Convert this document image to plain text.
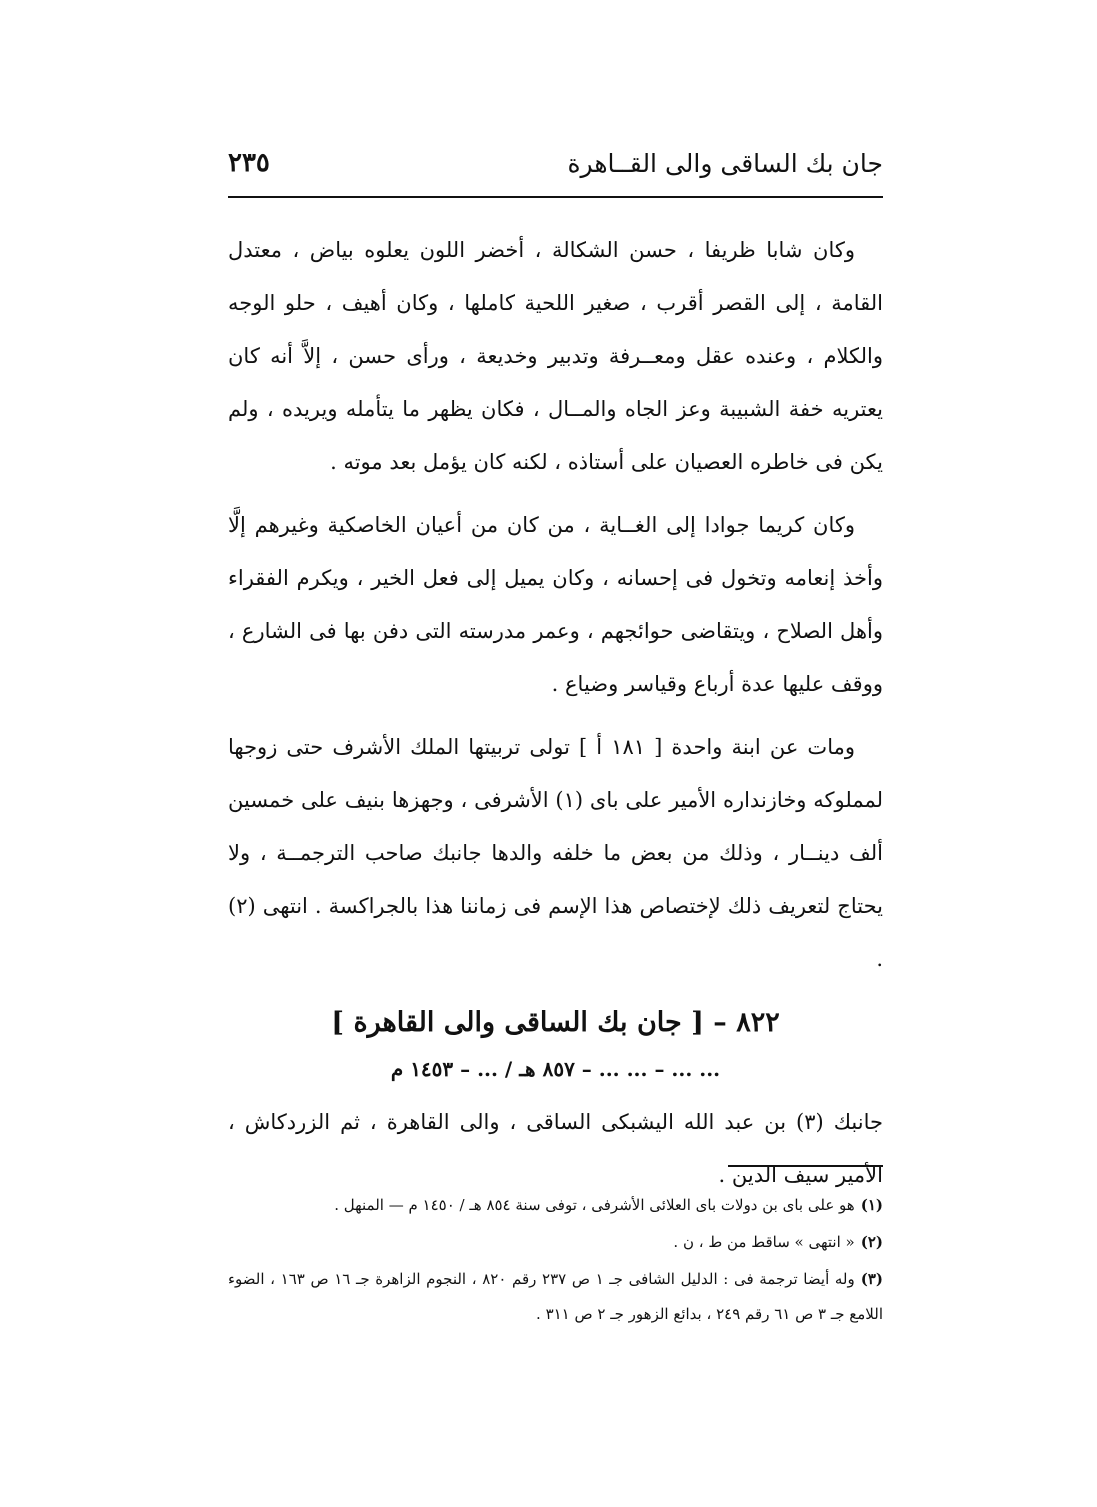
جان بك الساقى والى القــاهرة
٢٣٥

وكان شابا ظريفا ، حسن الشكالة ، أخضر اللون يعلوه بياض ، معتدل القامة ، إلى القصر أقرب ، صغير اللحية كاملها ، وكان أهيف ، حلو الوجه والكلام ، وعنده عقل ومعــرفة وتدبير وخديعة ، ورأى حسن ، إلاَّ أنه كان يعتريه خفة الشبيبة وعز الجاه والمــال ، فكان يظهر ما يتأمله ويريده ، ولم يكن فى خاطره العصيان على أستاذه ، لكنه كان يؤمل بعد موته .

وكان كريما جوادا إلى الغــاية ، من كان من أعيان الخاصكية وغيرهم إلَّا وأخذ إنعامه وتخول فى إحسانه ، وكان يميل إلى فعل الخير ، ويكرم الفقراء وأهل الصلاح ، ويتقاضى حوائجهم ، وعمر مدرسته التى دفن بها فى الشارع ، ووقف عليها عدة أرباع وقياسر وضياع .

ومات عن ابنة واحدة [ ١٨١ أ ] تولى تربيتها الملك الأشرف حتى زوجها لمملوكه وخازنداره الأمير على باى (١) الأشرفى ، وجهزها بنيف على خمسين ألف دينــار ، وذلك من بعض ما خلفه والدها جانبك صاحب الترجمــة ، ولا يحتاج لتعريف ذلك لإختصاص هذا الإسم فى زماننا هذا بالجراكسة . انتهى (٢) .

٨٢٢ – [ جان بك الساقى والى القاهرة ]
... ... – ... ... – ٨٥٧ هـ / ... – ١٤٥٣ م

جانبك (٣) بن عبد الله اليشبكى الساقى ، والى القاهرة ، ثم الزردكاش ، الأمير سيف الدين .

(١)هو على باى بن دولات باى العلائى الأشرفى ، توفى سنة ٨٥٤ هـ / ١٤٥٠ م — المنهل .

(٢)« انتهى » ساقط من ط ، ن .

(٣)وله أيضا ترجمة فى : الدليل الشافى جـ ١ ص ٢٣٧ رقم ٨٢٠ ، النجوم الزاهرة جـ ١٦ ص ١٦٣ ، الضوء اللامع جـ ٣ ص ٦١ رقم ٢٤٩ ، بدائع الزهور جـ ٢ ص ٣١١ .
